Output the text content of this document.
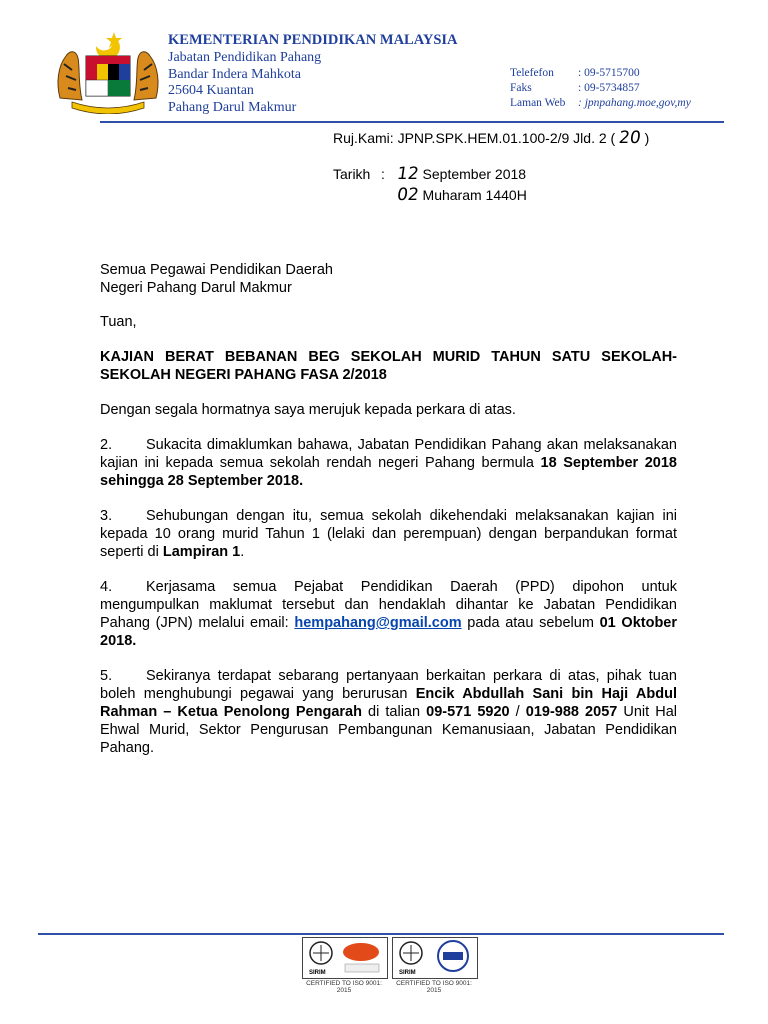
KEMENTERIAN PENDIDIKAN MALAYSIA
Jabatan Pendidikan Pahang
Bandar Indera Mahkota
25604 Kuantan
Pahang Darul Makmur
Telefefon	: 09-5715700
Faks	: 09-5734857
Laman Web	: jpnpahang.moe,gov,my
Ruj.Kami: JPNP.SPK.HEM.01.100-2/9 Jld. 2 ( 20 )
Tarikh : 12 September 2018
02 Muharam 1440H
Semua Pegawai Pendidikan Daerah
Negeri Pahang Darul Makmur

Tuan,

KAJIAN BERAT BEBANAN BEG SEKOLAH MURID TAHUN SATU SEKOLAH-SEKOLAH NEGERI PAHANG FASA 2/2018

Dengan segala hormatnya saya merujuk kepada perkara di atas.

2. Sukacita dimaklumkan bahawa, Jabatan Pendidikan Pahang akan melaksanakan kajian ini kepada semua sekolah rendah negeri Pahang bermula 18 September 2018 sehingga 28 September 2018.

3. Sehubungan dengan itu, semua sekolah dikehendaki melaksanakan kajian ini kepada 10 orang murid Tahun 1 (lelaki dan perempuan) dengan berpandukan format seperti di Lampiran 1.

4. Kerjasama semua Pejabat Pendidikan Daerah (PPD) dipohon untuk mengumpulkan maklumat tersebut dan hendaklah dihantar ke Jabatan Pendidikan Pahang (JPN) melalui email: hempahang@gmail.com pada atau sebelum 01 Oktober 2018.

5. Sekiranya terdapat sebarang pertanyaan berkaitan perkara di atas, pihak tuan boleh menghubungi pegawai yang berurusan Encik Abdullah Sani bin Haji Abdul Rahman – Ketua Penolong Pengarah di talian 09-571 5920 / 019-988 2057 Unit Hal Ehwal Murid, Sektor Pengurusan Pembangunan Kemanusiaan, Jabatan Pendidikan Pahang.

SIRIM	SIRIM
CERTIFIED TO ISO 9001: 2015
CERTIFIED TO ISO 9001: 2015
